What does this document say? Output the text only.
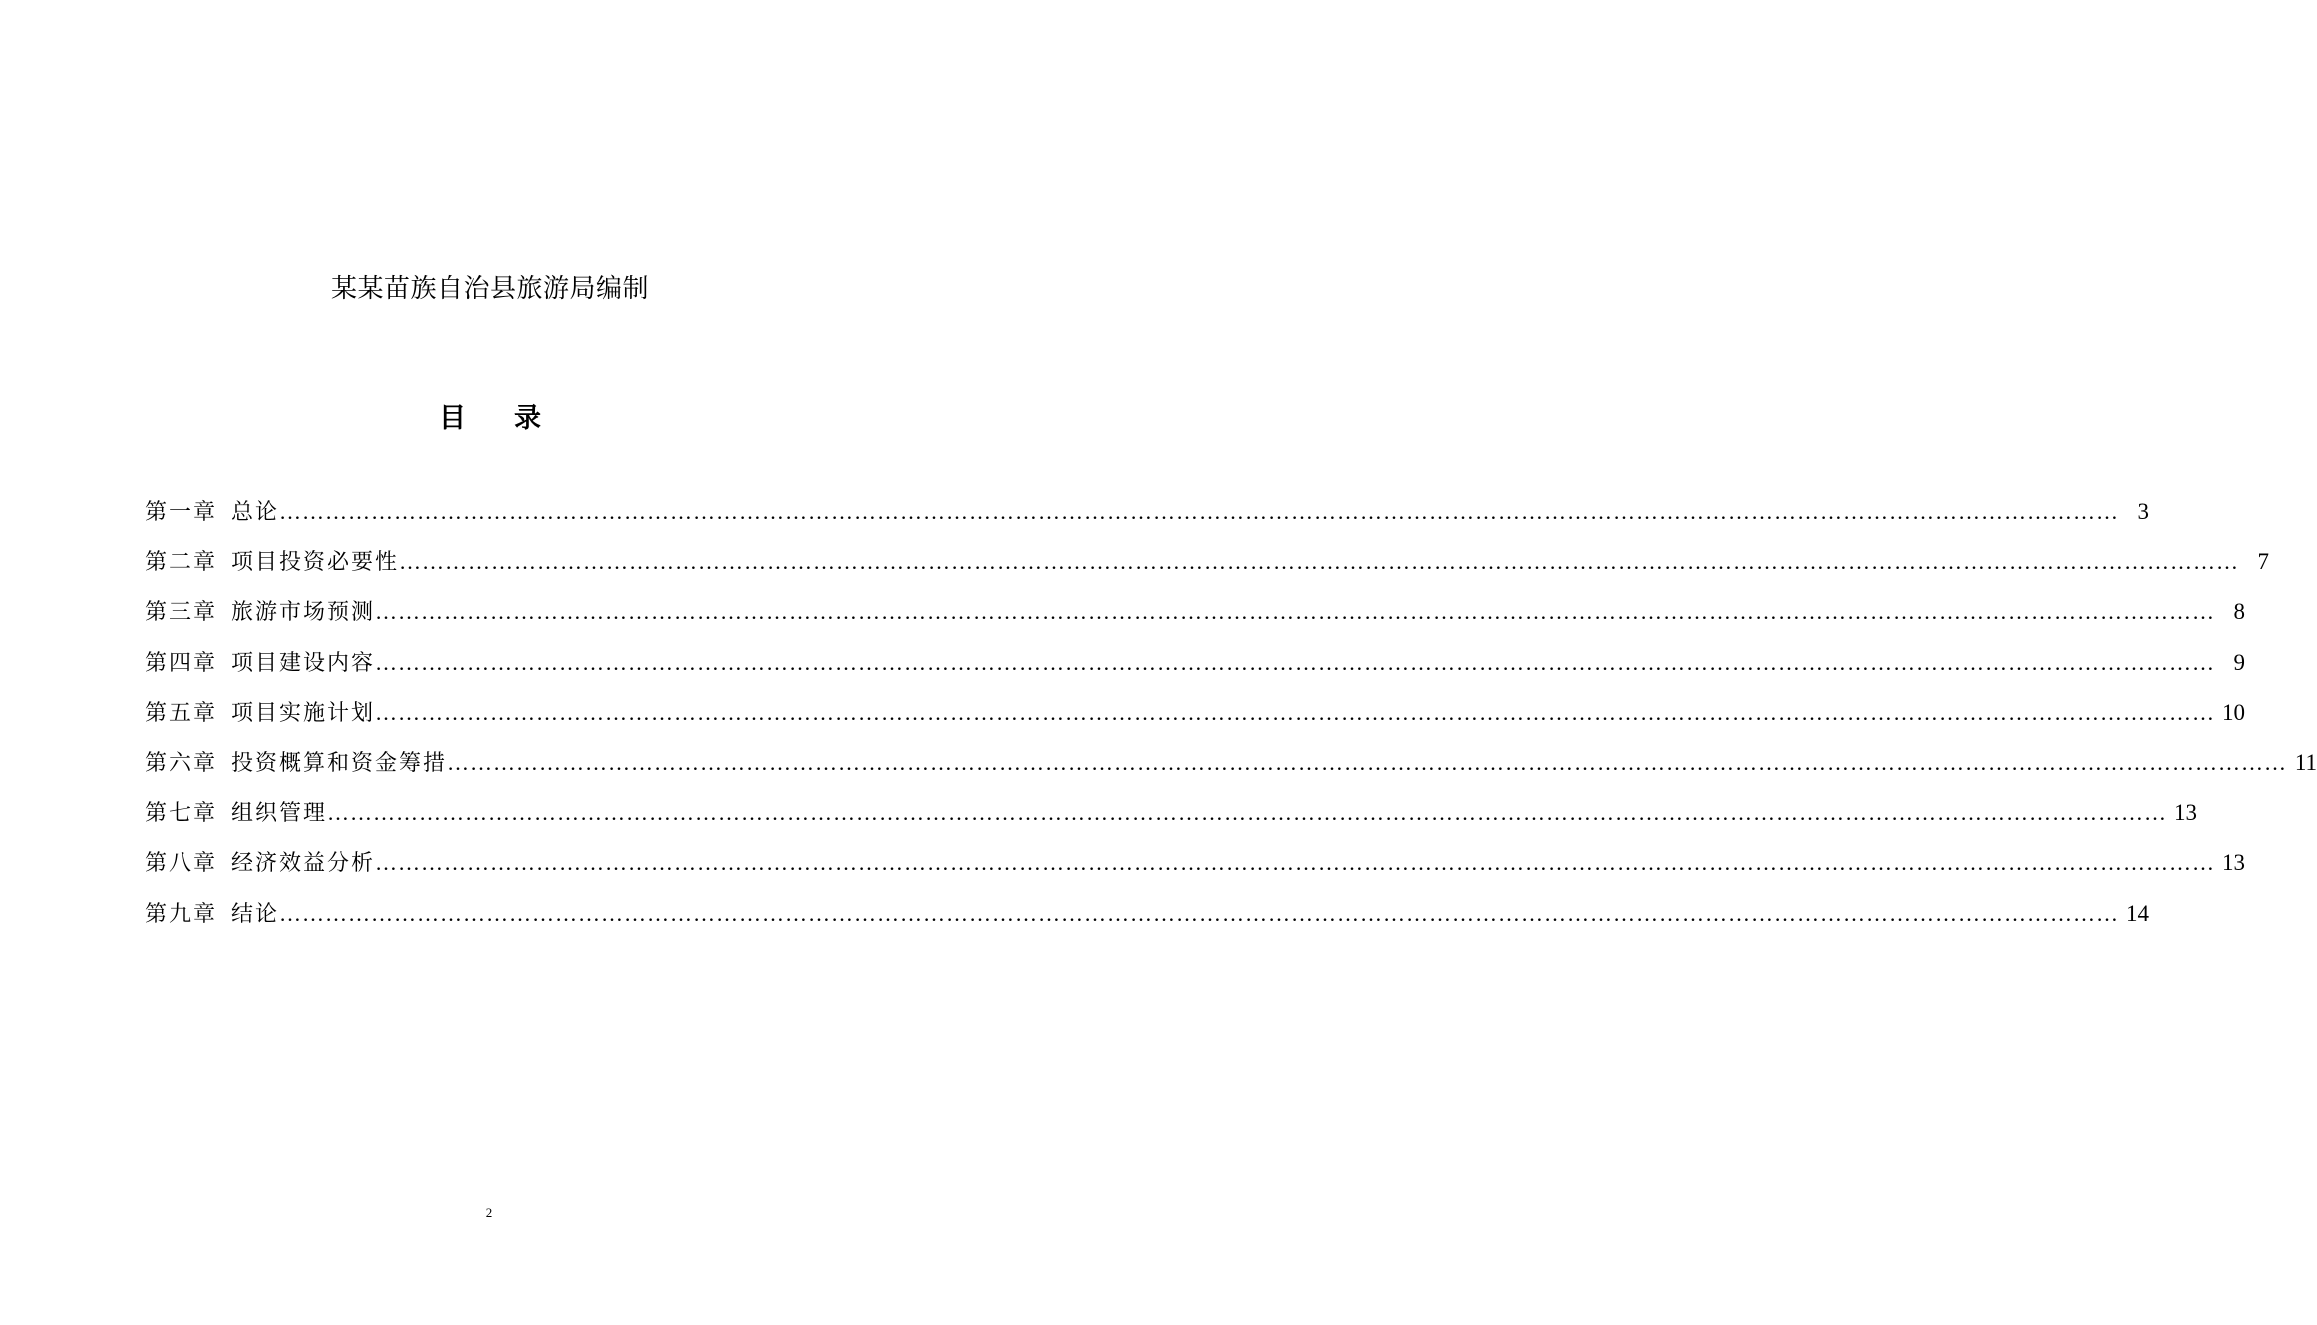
某某苗族自治县旅游局编制
目 录
第一章 总论 …………………………………………………………………………………………………………………………………………………………………………………………………………………… 3
第二章 项目投资必要性 …………………………………………………………………………………………………………………………………………………………………………………………………………………… 7
第三章 旅游市场预测 …………………………………………………………………………………………………………………………………………………………………………………………………………………… 8
第四章 项目建设内容 …………………………………………………………………………………………………………………………………………………………………………………………………………………… 9
第五章 项目实施计划 …………………………………………………………………………………………………………………………………………………………………………………………………………………… 10
第六章 投资概算和资金筹措 …………………………………………………………………………………………………………………………………………………………………………………………………………………… 11
第七章 组织管理 …………………………………………………………………………………………………………………………………………………………………………………………………………………… 13
第八章 经济效益分析 …………………………………………………………………………………………………………………………………………………………………………………………………………………… 13
第九章 结论 …………………………………………………………………………………………………………………………………………………………………………………………………………………… 14
2
